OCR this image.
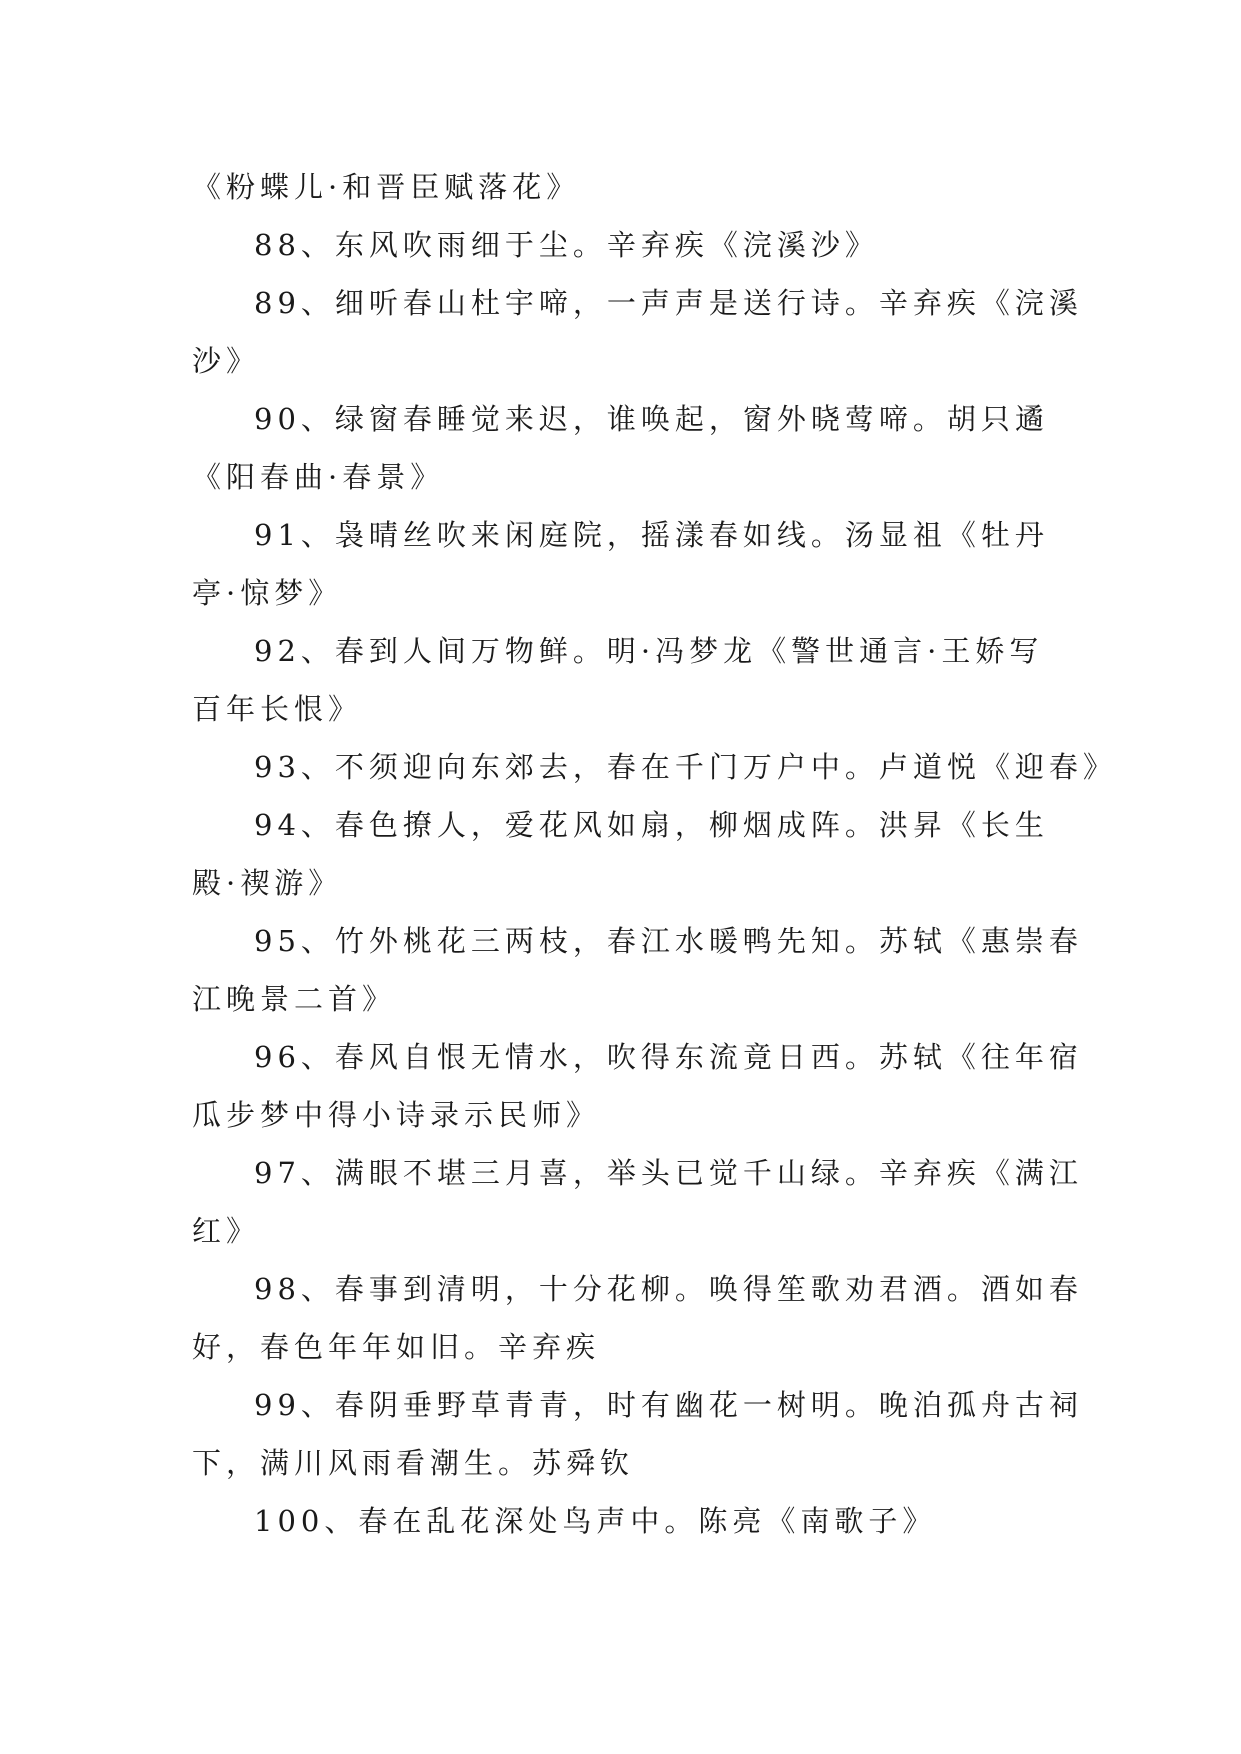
《粉蝶儿·和晋臣赋落花》

88、东风吹雨细于尘。辛弃疾《浣溪沙》

89、细听春山杜宇啼，一声声是送行诗。辛弃疾《浣溪

沙》

90、绿窗春睡觉来迟，谁唤起，窗外晓莺啼。胡只遹

《阳春曲·春景》

91、袅晴丝吹来闲庭院，摇漾春如线。汤显祖《牡丹

亭·惊梦》

92、春到人间万物鲜。明·冯梦龙《警世通言·王娇写

百年长恨》

93、不须迎向东郊去，春在千门万户中。卢道悦《迎春》

94、春色撩人，爱花风如扇，柳烟成阵。洪昇《长生

殿·禊游》

95、竹外桃花三两枝，春江水暖鸭先知。苏轼《惠崇春

江晚景二首》

96、春风自恨无情水，吹得东流竟日西。苏轼《往年宿

瓜步梦中得小诗录示民师》

97、满眼不堪三月喜，举头已觉千山绿。辛弃疾《满江

红》

98、春事到清明，十分花柳。唤得笙歌劝君酒。酒如春

好，春色年年如旧。辛弃疾

99、春阴垂野草青青，时有幽花一树明。晚泊孤舟古祠

下，满川风雨看潮生。苏舜钦

100、春在乱花深处鸟声中。陈亮《南歌子》
